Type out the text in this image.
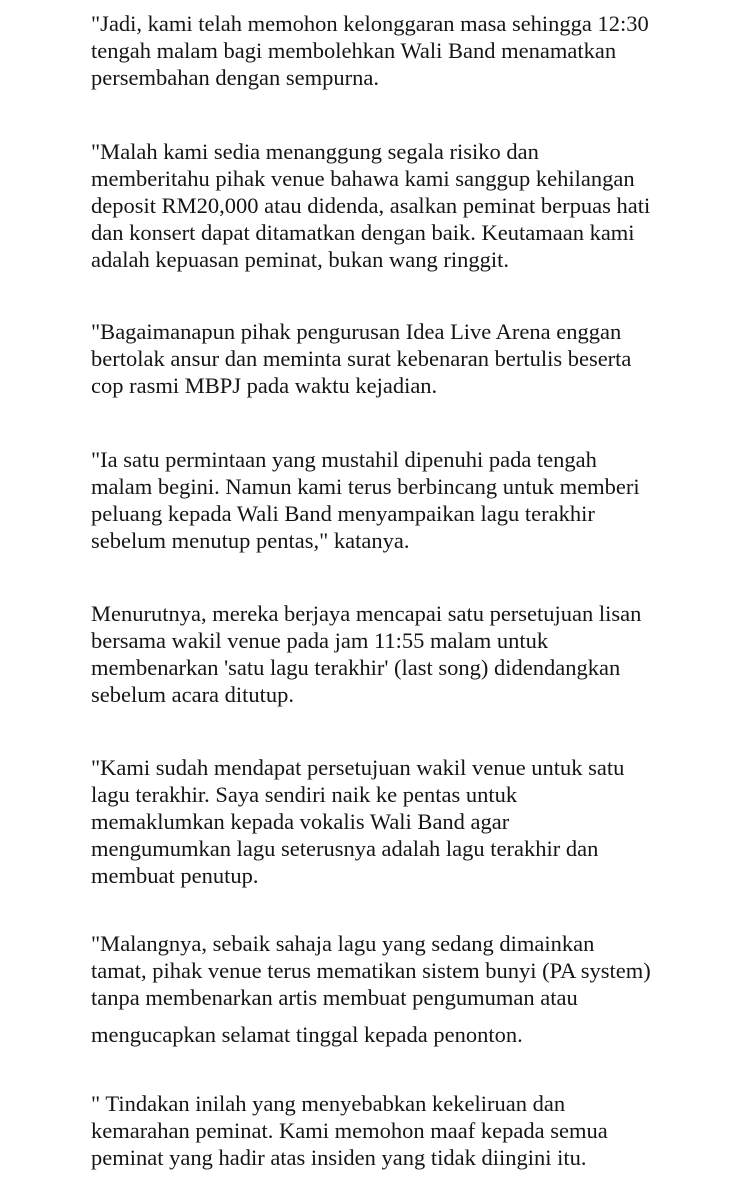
"Jadi, kami telah memohon kelonggaran masa sehingga 12:30
tengah malam bagi membolehkan Wali Band menamatkan
persembahan dengan sempurna.

"Malah kami sedia menanggung segala risiko dan
memberitahu pihak venue bahawa kami sanggup kehilangan
deposit RM20,000 atau didenda, asalkan peminat berpuas hati
dan konsert dapat ditamatkan dengan baik. Keutamaan kami
adalah kepuasan peminat, bukan wang ringgit.

"Bagaimanapun pihak pengurusan Idea Live Arena enggan
bertolak ansur dan meminta surat kebenaran bertulis beserta
cop rasmi MBPJ pada waktu kejadian.

"Ia satu permintaan yang mustahil dipenuhi pada tengah
malam begini. Namun kami terus berbincang untuk memberi
peluang kepada Wali Band menyampaikan lagu terakhir
sebelum menutup pentas," katanya.

Menurutnya, mereka berjaya mencapai satu persetujuan lisan
bersama wakil venue pada jam 11:55 malam untuk
membenarkan 'satu lagu terakhir' (last song) didendangkan
sebelum acara ditutup.

"Kami sudah mendapat persetujuan wakil venue untuk satu
lagu terakhir. Saya sendiri naik ke pentas untuk
memaklumkan kepada vokalis Wali Band agar
mengumumkan lagu seterusnya adalah lagu terakhir dan
membuat penutup.

"Malangnya, sebaik sahaja lagu yang sedang dimainkan
tamat, pihak venue terus mematikan sistem bunyi (PA system)
tanpa membenarkan artis membuat pengumuman atau
mengucapkan selamat tinggal kepada penonton.

" Tindakan inilah yang menyebabkan kekeliruan dan
kemarahan peminat. Kami memohon maaf kepada semua
peminat yang hadir atas insiden yang tidak diingini itu.
